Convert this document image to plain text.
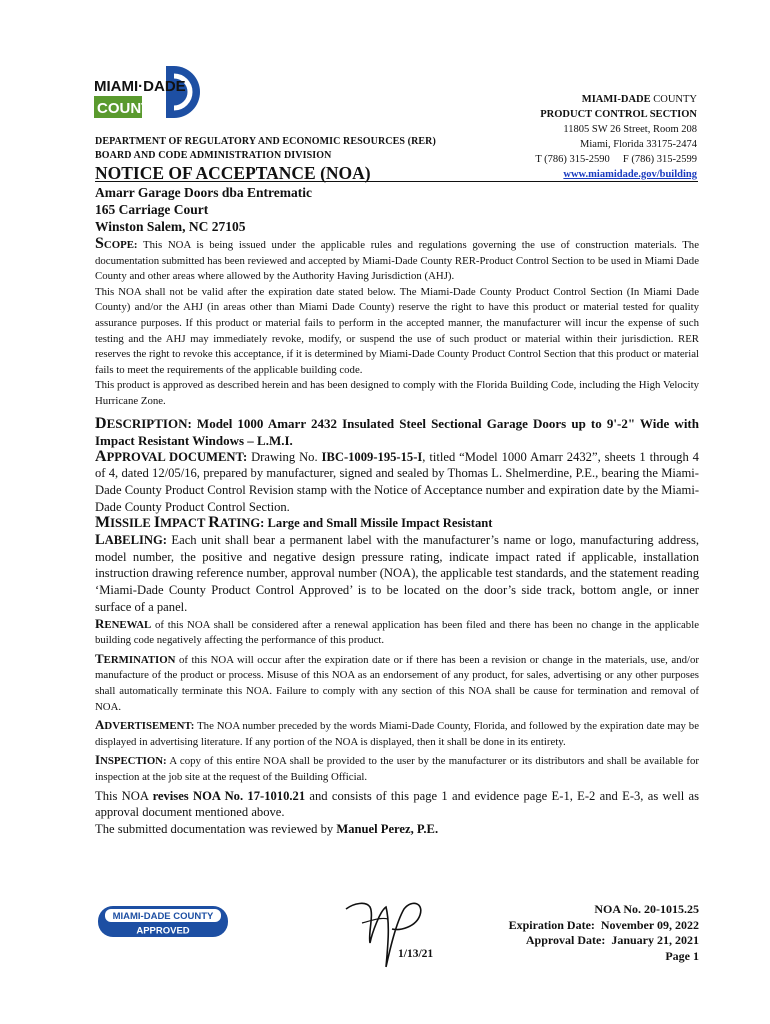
MIAMI·DADE
COUNTY
DEPARTMENT OF REGULATORY AND ECONOMIC RESOURCES (RER)
BOARD AND CODE ADMINISTRATION DIVISION
MIAMI-DADE COUNTY
PRODUCT CONTROL SECTION
11805 SW 26 Street, Room 208
Miami, Florida 33175-2474
T (786) 315-2590     F (786) 315-2599
www.miamidade.gov/building
NOTICE OF ACCEPTANCE (NOA)
Amarr Garage Doors dba Entrematic
165 Carriage Court
Winston Salem, NC 27105

SCOPE: This NOA is being issued under the applicable rules and regulations governing the use of construction materials. The documentation submitted has been reviewed and accepted by Miami-Dade County RER-Product Control Section to be used in Miami Dade County and other areas where allowed by the Authority Having Jurisdiction (AHJ).

This NOA shall not be valid after the expiration date stated below. The Miami-Dade County Product Control Section (In Miami Dade County) and/or the AHJ (in areas other than Miami Dade County) reserve the right to have this product or material tested for quality assurance purposes. If this product or material fails to perform in the accepted manner, the manufacturer will incur the expense of such testing and the AHJ may immediately revoke, modify, or suspend the use of such product or material within their jurisdiction. RER reserves the right to revoke this acceptance, if it is determined by Miami-Dade County Product Control Section that this product or material fails to meet the requirements of the applicable building code.

This product is approved as described herein and has been designed to comply with the Florida Building Code, including the High Velocity Hurricane Zone.

DESCRIPTION: Model 1000 Amarr 2432 Insulated Steel Sectional Garage Doors up to 9'-2" Wide with Impact Resistant Windows – L.M.I.

APPROVAL DOCUMENT: Drawing No. IBC-1009-195-15-I, titled “Model 1000 Amarr 2432”, sheets 1 through 4 of 4, dated 12/05/16, prepared by manufacturer, signed and sealed by Thomas L. Shelmerdine, P.E., bearing the Miami-Dade County Product Control Revision stamp with the Notice of Acceptance number and expiration date by the Miami-Dade County Product Control Section.

MISSILE IMPACT RATING: Large and Small Missile Impact Resistant

LABELING: Each unit shall bear a permanent label with the manufacturer’s name or logo, manufacturing address, model number, the positive and negative design pressure rating, indicate impact rated if applicable, installation instruction drawing reference number, approval number (NOA), the applicable test standards, and the statement reading ‘Miami-Dade County Product Control Approved’ is to be located on the door’s side track, bottom angle, or inner surface of a panel.

RENEWAL of this NOA shall be considered after a renewal application has been filed and there has been no change in the applicable building code negatively affecting the performance of this product.

TERMINATION of this NOA will occur after the expiration date or if there has been a revision or change in the materials, use, and/or manufacture of the product or process. Misuse of this NOA as an endorsement of any product, for sales, advertising or any other purposes shall automatically terminate this NOA. Failure to comply with any section of this NOA shall be cause for termination and removal of NOA.

ADVERTISEMENT: The NOA number preceded by the words Miami-Dade County, Florida, and followed by the expiration date may be displayed in advertising literature. If any portion of the NOA is displayed, then it shall be done in its entirety.

INSPECTION: A copy of this entire NOA shall be provided to the user by the manufacturer or its distributors and shall be available for inspection at the job site at the request of the Building Official.

This NOA revises NOA No. 17-1010.21 and consists of this page 1 and evidence page E-1, E-2 and E-3, as well as approval document mentioned above.

The submitted documentation was reviewed by Manuel Perez, P.E.

MIAMI-DADE COUNTY
APPROVED
1/13/21
NOA No. 20-1015.25
Expiration Date:  November 09, 2022
Approval Date:  January 21, 2021
Page 1
